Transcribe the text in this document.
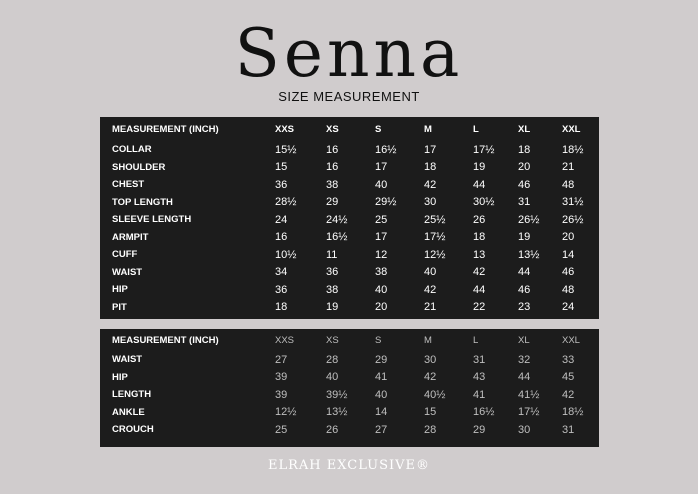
Senna
SIZE MEASUREMENT
MEASUREMENT (INCH)	XXS	XS	S	M	L	XL	XXL
COLLAR	15½	16	16½	17	17½	18	18½
SHOULDER	15	16	17	18	19	20	21
CHEST	36	38	40	42	44	46	48
TOP LENGTH	28½	29	29½	30	30½	31	31½
SLEEVE LENGTH	24	24½	25	25½	26	26½	26½
ARMPIT	16	16½	17	17½	18	19	20
CUFF	10½	11	12	12½	13	13½	14
WAIST	34	36	38	40	42	44	46
HIP	36	38	40	42	44	46	48
PIT	18	19	20	21	22	23	24
MEASUREMENT (INCH)	XXS	XS	S	M	L	XL	XXL
WAIST	27	28	29	30	31	32	33
HIP	39	40	41	42	43	44	45
LENGTH	39	39½	40	40½	41	41½	42
ANKLE	12½	13½	14	15	16½	17½	18½
CROUCH	25	26	27	28	29	30	31
ELRAH EXCLUSIVE®
